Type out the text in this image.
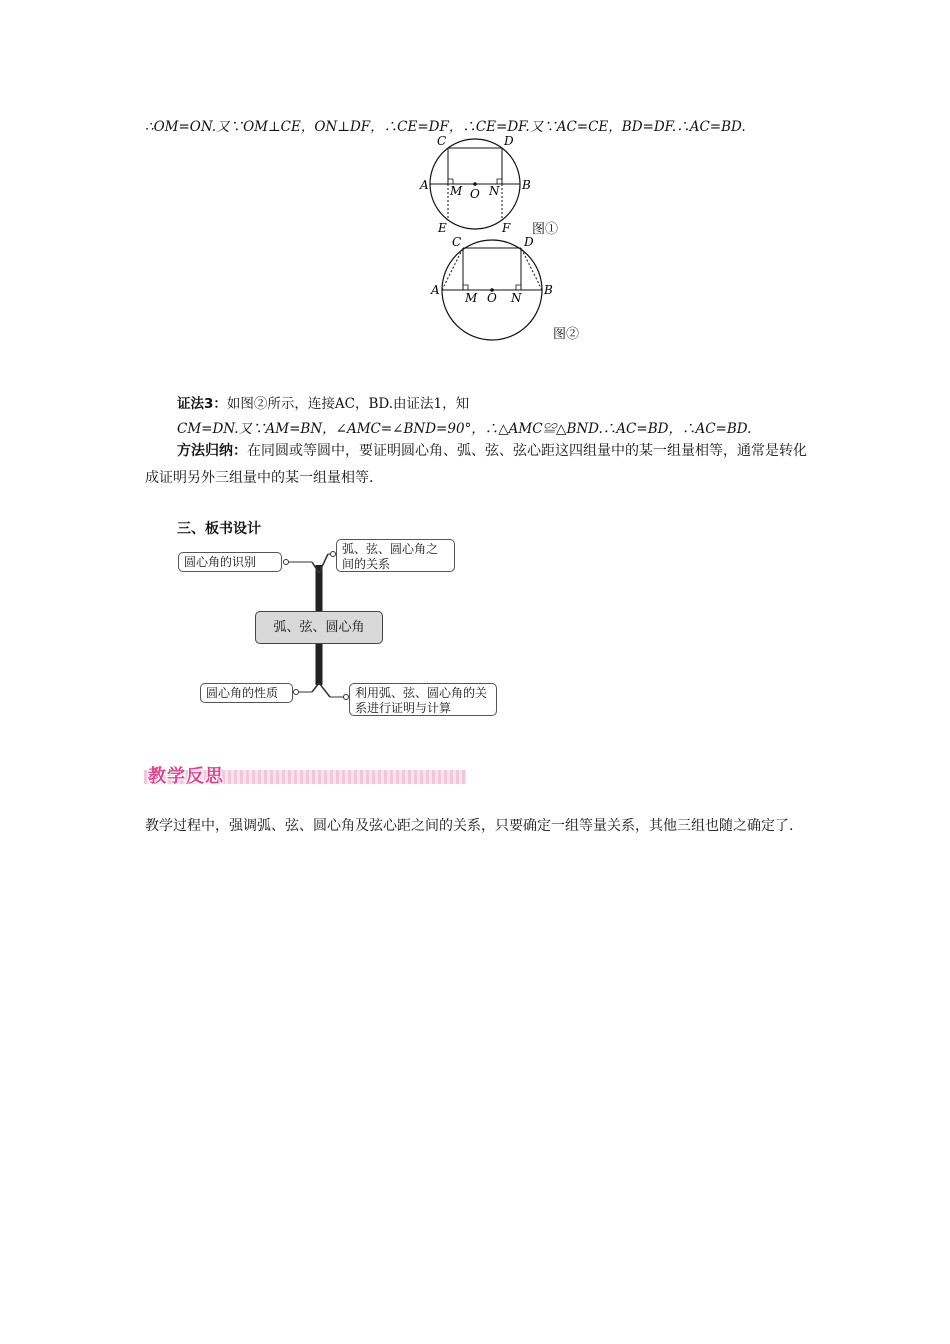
∴OM=ON.又∵OM⊥CE，ON⊥DF，∴CE=DF，∴CE=DF.又∵AC=CE，BD=DF.∴AC=BD.
C	D
A	B
M O N
E	F 图①
C	D
A	B
M O N
图②
证法3：如图②所示，连接AC，BD.由证法1，知
CM=DN.又∵AM=BN，∠AMC=∠BND=90°，∴△AMC≌△BND.∴AC=BD，∴AC=BD.
方法归纳：在同圆或等圆中，要证明圆心角、弧、弦、弦心距这四组量中的某一组量相等，通常是转化成证明另外三组量中的某一组量相等.
三、板书设计
圆心角的识别
弧、弦、圆心角之间的关系
弧、弦、圆心角
圆心角的性质	利用弧、弦、圆心角的关系进行证明与计算
教学反思
教学过程中，强调弧、弦、圆心角及弦心距之间的关系，只要确定一组等量关系，其他三组也随之确定了.
